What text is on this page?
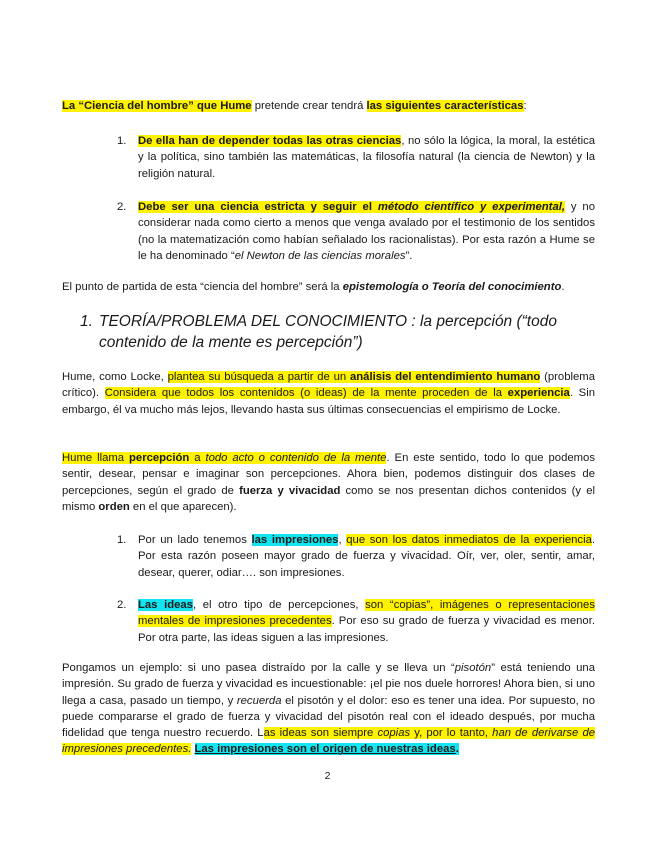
La “Ciencia del hombre” que Hume pretende crear tendrá las siguientes características:

1. De ella han de depender todas las otras ciencias, no sólo la lógica, la moral, la estética y la política, sino también las matemáticas, la filosofía natural (la ciencia de Newton) y la religión natural.

2. Debe ser una ciencia estricta y seguir el método científico y experimental, y no considerar nada como cierto a menos que venga avalado por el testimonio de los sentidos (no la matematización como habían señalado los racionalistas). Por esta razón a Hume se le ha denominado “el Newton de las ciencias morales”.

El punto de partida de esta “ciencia del hombre” será la epistemología o Teoría del conocimiento.

1. TEORÍA/PROBLEMA DEL CONOCIMIENTO : la percepción (“todo contenido de la mente es percepción”)

Hume, como Locke, plantea su búsqueda a partir de un análisis del entendimiento humano (problema crítico). Considera que todos los contenidos (o ideas) de la mente proceden de la experiencia. Sin embargo, él va mucho más lejos, llevando hasta sus últimas consecuencias el empirismo de Locke.

Hume llama percepción a todo acto o contenido de la mente. En este sentido, todo lo que podemos sentir, desear, pensar e imaginar son percepciones. Ahora bien, podemos distinguir dos clases de percepciones, según el grado de fuerza y vivacidad como se nos presentan dichos contenidos (y el mismo orden en el que aparecen).

1. Por un lado tenemos las impresiones, que son los datos inmediatos de la experiencia. Por esta razón poseen mayor grado de fuerza y vivacidad. Oír, ver, oler, sentir, amar, desear, querer, odiar…. son impresiones.

2. Las ideas, el otro tipo de percepciones, son “copias”, imágenes o representaciones mentales de impresiones precedentes. Por eso su grado de fuerza y vivacidad es menor. Por otra parte, las ideas siguen a las impresiones.

Pongamos un ejemplo: si uno pasea distraído por la calle y se lleva un “pisotón” está teniendo una impresión. Su grado de fuerza y vivacidad es incuestionable: ¡el pie nos duele horrores! Ahora bien, si uno llega a casa, pasado un tiempo, y recuerda el pisotón y el dolor: eso es tener una idea. Por supuesto, no puede compararse el grado de fuerza y vivacidad del pisotón real con el ideado después, por mucha fidelidad que tenga nuestro recuerdo. Las ideas son siempre copias y, por lo tanto, han de derivarse de impresiones precedentes. Las impresiones son el origen de nuestras ideas.

2
